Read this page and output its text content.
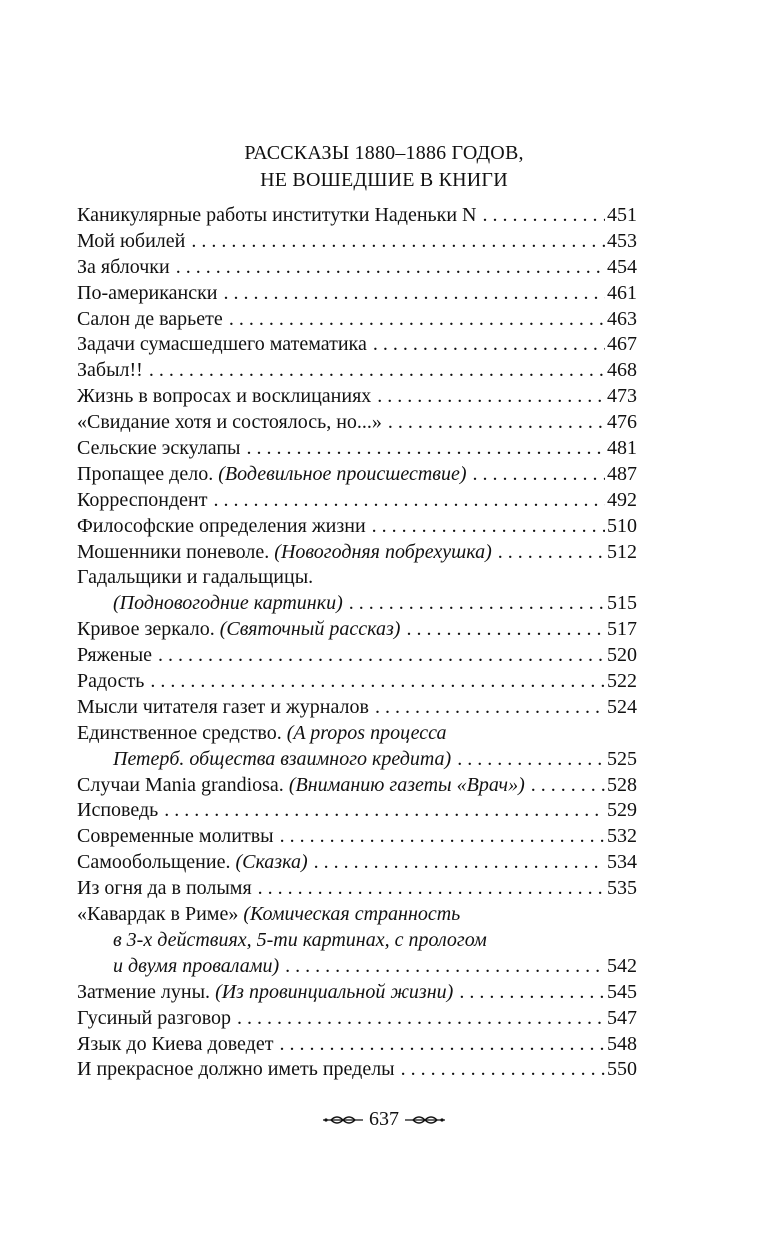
РАССКАЗЫ 1880–1886 ГОДОВ,
НЕ ВОШЕДШИЕ В КНИГИ
Каникулярные работы институтки Наденьки N . . .	451
Мой юбилей . . .	453
За яблочки . . .	454
По-американски . . .	461
Салон де варьете . . .	463
Задачи сумасшедшего математика . . .	467
Забыл!! . . .	468
Жизнь в вопросах и восклицаниях . . .	473
«Свидание хотя и состоялось, но...» . . .	476
Сельские эскулапы . . .	481
Пропащее дело. (Водевильное происшествие) . . .	487
Корреспондент . . .	492
Философские определения жизни . . .	510
Мошенники поневоле. (Новогодняя побрехушка) . . .	512
Гадальщики и гадальщицы.
(Подновогодние картинки) . . .	515
Кривое зеркало. (Святочный рассказ) . . .	517
Ряженые . . .	520
Радость . . .	522
Мысли читателя газет и журналов . . .	524
Единственное средство. (A propos процесса
Петерб. общества взаимного кредита) . . .	525
Случаи Mania grandiosa. (Вниманию газеты «Врач») . . .	528
Исповедь . . .	529
Современные молитвы . . .	532
Самообольщение. (Сказка) . . .	534
Из огня да в полымя . . .	535
«Кавардак в Риме» (Комическая странность
в 3-х действиях, 5-ти картинах, с прологом
и двумя провалами) . . .	542
Затмение луны. (Из провинциальной жизни) . . .	545
Гусиный разговор . . .	547
Язык до Киева доведет . . .	548
И прекрасное должно иметь пределы . . .	550
637
